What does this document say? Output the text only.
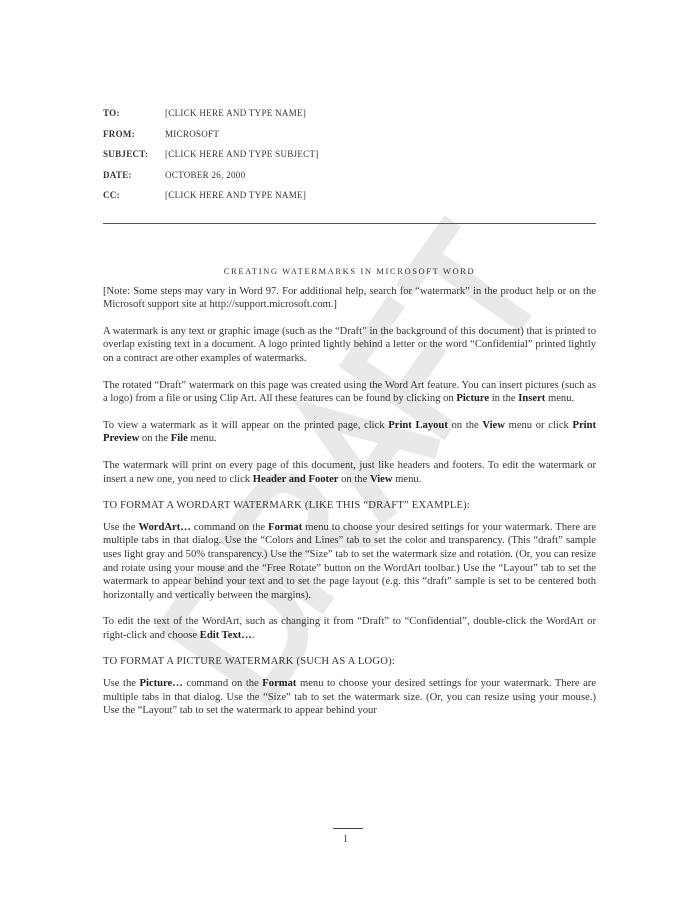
TO:	[CLICK HERE AND TYPE NAME]
FROM:	MICROSOFT
SUBJECT:	[CLICK HERE AND TYPE SUBJECT]
DATE:	OCTOBER 26, 2000
CC:	[CLICK HERE AND TYPE NAME]
CREATING WATERMARKS IN MICROSOFT WORD
[Note: Some steps may vary in Word 97. For additional help, search for “watermark” in the product help or on the Microsoft support site at http://support.microsoft.com.]
A watermark is any text or graphic image (such as the “Draft” in the background of this document) that is printed to overlap existing text in a document. A logo printed lightly behind a letter or the word “Confidential” printed lightly on a contract are other examples of watermarks.
The rotated “Draft” watermark on this page was created using the Word Art feature. You can insert pictures (such as a logo) from a file or using Clip Art. All these features can be found by clicking on Picture in the Insert menu.
To view a watermark as it will appear on the printed page, click Print Layout on the View menu or click Print Preview on the File menu.
The watermark will print on every page of this document, just like headers and footers. To edit the watermark or insert a new one, you need to click Header and Footer on the View menu.
TO FORMAT A WORDART WATERMARK (LIKE THIS “DRAFT” EXAMPLE):
Use the WordArt… command on the Format menu to choose your desired settings for your watermark. There are multiple tabs in that dialog. Use the “Colors and Lines” tab to set the color and transparency. (This “draft” sample uses light gray and 50% transparency.) Use the “Size” tab to set the watermark size and rotation. (Or, you can resize and rotate using your mouse and the “Free Rotate” button on the WordArt toolbar.) Use the “Layout” tab to set the watermark to appear behind your text and to set the page layout (e.g. this “draft” sample is set to be centered both horizontally and vertically between the margins).
To edit the text of the WordArt, such as changing it from “Draft” to “Confidential”, double-click the WordArt or right-click and choose Edit Text….
TO FORMAT A PICTURE WATERMARK (SUCH AS A LOGO):
Use the Picture… command on the Format menu to choose your desired settings for your watermark. There are multiple tabs in that dialog. Use the “Size” tab to set the watermark size. (Or, you can resize using your mouse.) Use the “Layout” tab to set the watermark to appear behind your
1
